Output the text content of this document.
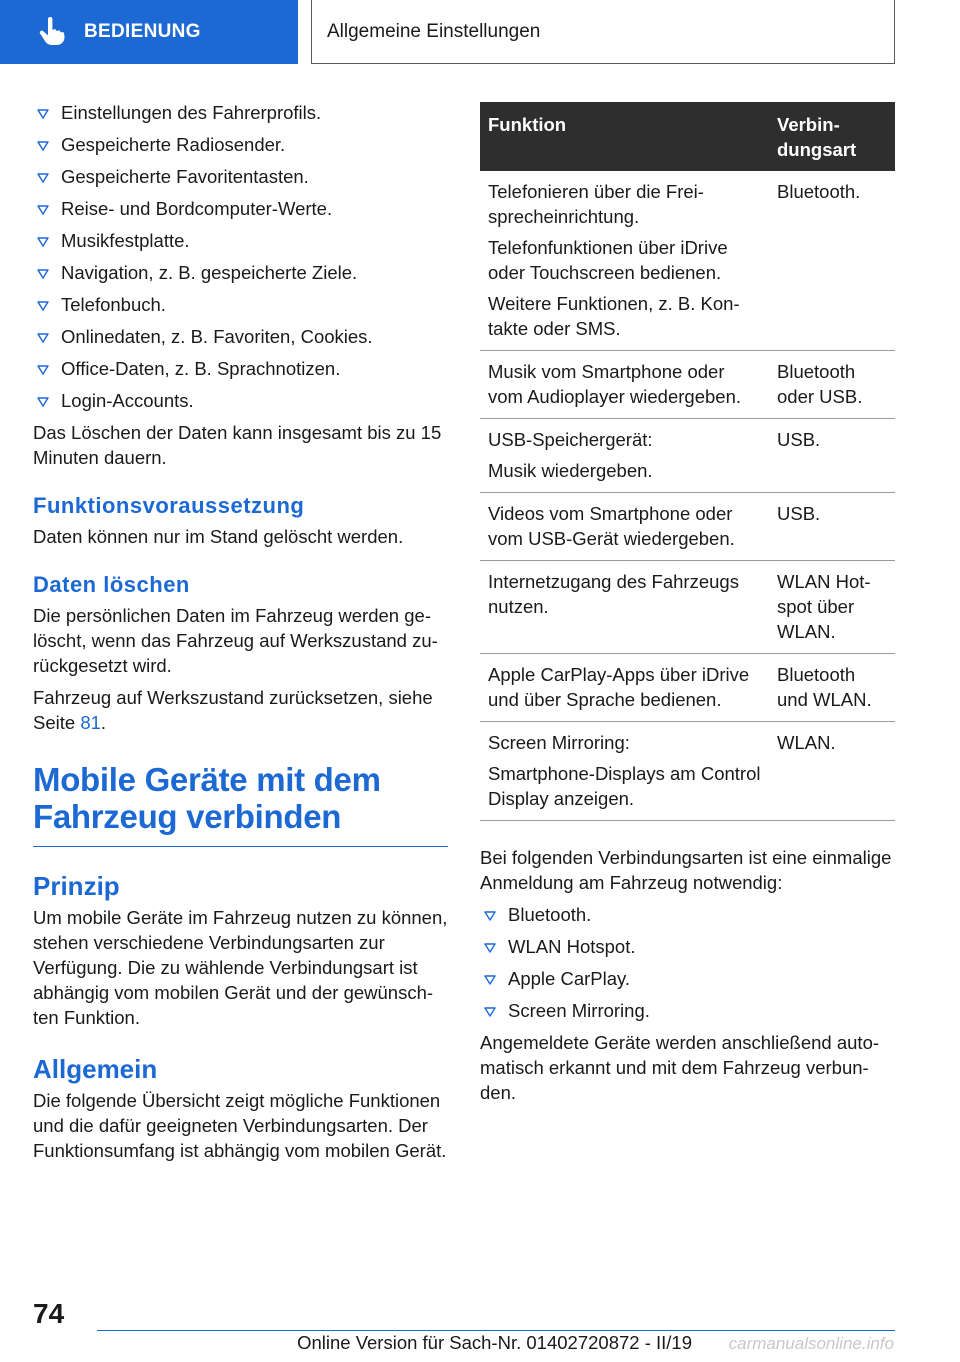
BEDIENUNG	Allgemeine Einstellungen
Einstellungen des Fahrerprofils.
Gespeicherte Radiosender.
Gespeicherte Favoritentasten.
Reise- und Bordcomputer-Werte.
Musikfestplatte.
Navigation, z. B. gespeicherte Ziele.
Telefonbuch.
Onlinedaten, z. B. Favoriten, Cookies.
Office-Daten, z. B. Sprachnotizen.
Login-Accounts.

Das Löschen der Daten kann insgesamt bis zu 15 Minuten dauern.

Funktionsvoraussetzung

Daten können nur im Stand gelöscht werden.

Daten löschen

Die persönlichen Daten im Fahrzeug werden gelöscht, wenn das Fahrzeug auf Werkszustand zurückgesetzt wird.

Fahrzeug auf Werkszustand zurücksetzen, siehe Seite 81.

Mobile Geräte mit dem Fahrzeug verbinden
Prinzip

Um mobile Geräte im Fahrzeug nutzen zu können, stehen verschiedene Verbindungsarten zur Verfügung. Die zu wählende Verbindungsart ist abhängig vom mobilen Gerät und der gewünschten Funktion.

Allgemein

Die folgende Übersicht zeigt mögliche Funktionen und die dafür geeigneten Verbindungsarten. Der Funktionsumfang ist abhängig vom mobilen Gerät.

Funktion	Verbindungsart

Telefonieren über die Freisprecheinrichtung.
Telefonfunktionen über iDrive oder Touchscreen bedienen.
Weitere Funktionen, z. B. Kontakte oder SMS.	Bluetooth.

Musik vom Smartphone oder vom Audioplayer wiedergeben.	Bluetooth oder USB.

USB-Speichergerät:
Musik wiedergeben.	USB.

Videos vom Smartphone oder vom USB-Gerät wiedergeben.	USB.

Internetzugang des Fahrzeugs nutzen.	WLAN Hotspot über WLAN.

Apple CarPlay-Apps über iDrive und über Sprache bedienen.	Bluetooth und WLAN.

Screen Mirroring:
Smartphone-Displays am Control Display anzeigen.	WLAN.

Bei folgenden Verbindungsarten ist eine einmalige Anmeldung am Fahrzeug notwendig:

Bluetooth.
WLAN Hotspot.
Apple CarPlay.
Screen Mirroring.

Angemeldete Geräte werden anschließend automatisch erkannt und mit dem Fahrzeug verbunden.

74
Online Version für Sach-Nr. 01402720872 - II/19 carmanualsonline.info
